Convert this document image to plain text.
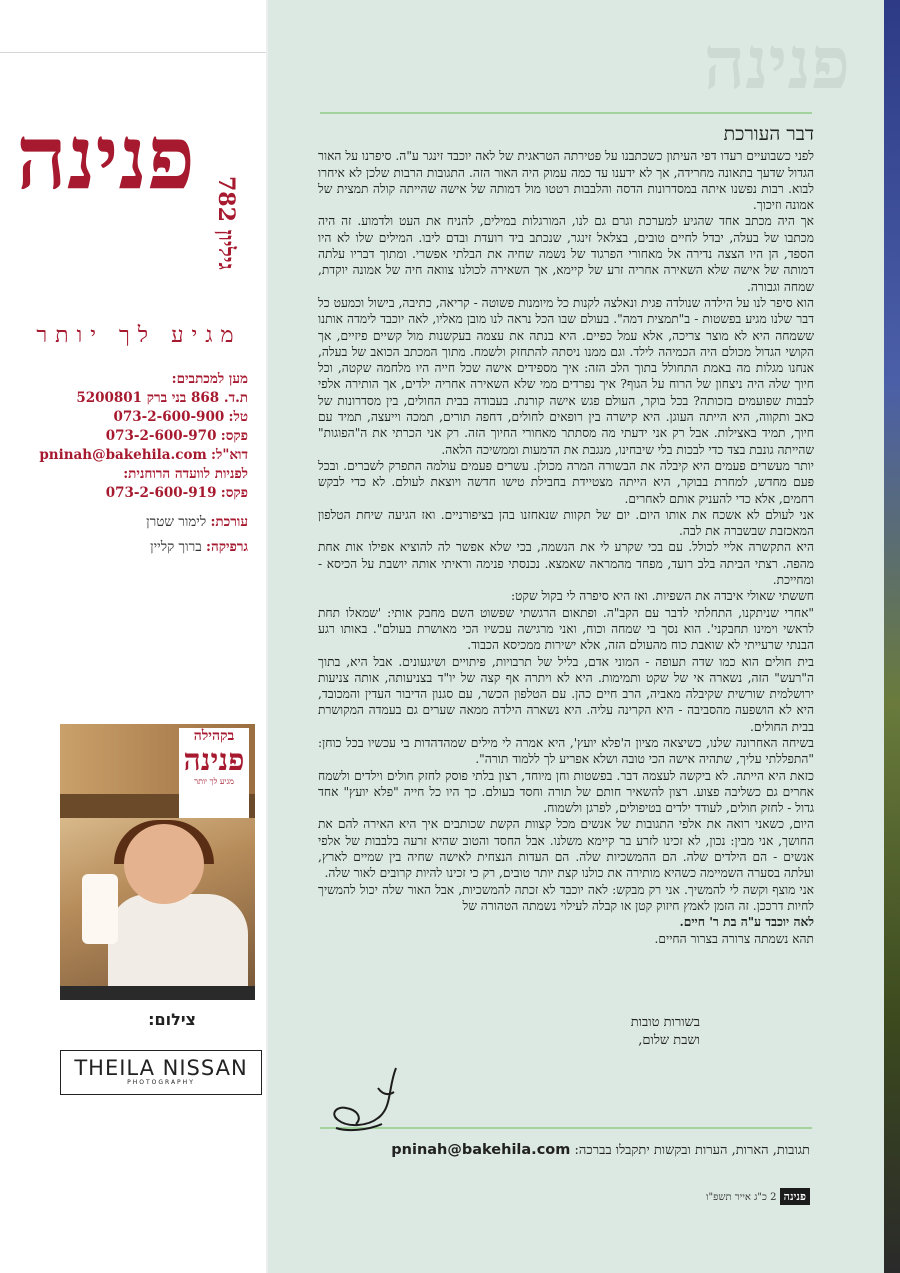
פנינה
פנינה גיליון 782
מגיע לך יותר
מען למכתבים:
ת.ד. 868 בני ברק 5200801
טל: 073-2-600-900
פקס: 073-2-600-970
דוא"ל: pninah@bakehila.com
לפניות לוועדה הרוחנית:
פקס: 073-2-600-919
עורכת: לימור שטרן
גרפיקה: ברוך קליין
בקהילה
פנינה
מגיע לך יותר
צילום:
THEILA NISSAN
PHOTOGRAPHY
דבר העורכת

לפני כשבועיים רעדו דפי העיתון כשכתבנו על פטירתה הטראגית של לאה יוכבד זינגר ע"ה. סיפרנו על האור הגדול שדעך בתאונה מחרידה, אך לא ידענו עד כמה עמוק היה האור הזה. התגובות הרבות שלכן לא איחרו לבוא. רבות נפשנו איתה במסדרונות הדסה והלבבות רטטו מול דמותה של אישה שהייתה קולה תמצית של אמונה וזיכוך.

אך היה מכתב אחד שהגיע למערכת וגרם גם לנו, המורגלות במילים, להניח את העט ולדמוע. זה היה מכתבו של בעלה, יבדל לחיים טובים, בצלאל זינגר, שנכתב ביד רועדת ובדם ליבו. המילים שלו לא היו הספד, הן היו הצצה נדירה אל מאחורי הפרגוד של נשמה שחיה את הבלתי אפשרי. ומתוך דבריו עלתה דמותה של אישה שלא השאירה אחריה זרע של קיימא, אך השאירה לכולנו צוואה חיה של אמונה יוקדת, שמחה וגבורה.

הוא סיפר לנו על הילדה שנולדה פגית ונאלצה לקנות כל מיומנות פשוטה - קריאה, כתיבה, בישול וכמעט כל דבר שלנו מגיע בפשטות - ב"תמצית דמה". בעולם שבו הכל נראה לנו מובן מאליו, לאה יוכבד לימדה אותנו ששמחה היא לא מוצר צריכה, אלא עמל כפיים. היא בנתה את עצמה בעקשנות מול קשיים פיזיים, אך הקושי הגדול מכולם היה הכמיהה לילד. וגם ממנו ניסתה להתחזק ולשמח. מתוך המכתב הכואב של בעלה, אנחנו מגלות מה באמת התחולל בתוך הלב הזה: איך מספידים אישה שכל חייה היו מלחמה שקטה, וכל חיוך שלה היה ניצחון של הרוח על הגוף? איך נפרדים ממי שלא השאירה אחריה ילדים, אך הותירה אלפי לבבות שפועמים בזכותה? בכל בוקר, העולם פגש אישה קורנת. בעבודה בבית החולים, בין מסדרונות של כאב ותקווה, היא הייתה העוגן. היא קישרה בין רופאים לחולים, דחפה תורים, תמכה וייעצה, תמיד עם חיוך, תמיד באצילות. אבל רק אני ידעתי מה מסתתר מאחורי החיוך הזה. רק אני הכרתי את ה"הפוגות" שהייתה גונבת בצד כדי לבכות בלי שיבחינו, מנגבת את הדמעות וממשיכה הלאה.

יותר מעשרים פעמים היא קיבלה את הבשורה המרה מכולן. עשרים פעמים עולמה התפרק לשברים. ובכל פעם מחדש, למחרת בבוקר, היא הייתה מצטיידת בחבילת טישו חדשה ויוצאת לעולם. לא כדי לבקש רחמים, אלא כדי להעניק אותם לאחרים.

אני לעולם לא אשכח את אותו היום. יום של תקוות שנאחזנו בהן בציפורניים. ואז הגיעה שיחת הטלפון המאכזבת שבשברה את לבה.

היא התקשרה אליי לכולל. עם בכי שקרע לי את הנשמה, בכי שלא אפשר לה להוציא אפילו אות אחת מהפה. רצתי הביתה בלב רועד, מפחד מהמראה שאמצא. נכנסתי פנימה וראיתי אותה יושבת על הכיסא - ומחייכת.

חששתי שאולי איבדה את השפיות. ואז היא סיפרה לי בקול שקט:

"אחרי שניתקנו, התחלתי לדבר עם הקב"ה. ופתאום הרגשתי שפשוט השם מחבק אותי: 'שמאלו תחת לראשי וימינו תחבקני'. הוא נסך בי שמחה וכוח, ואני מרגישה עכשיו הכי מאושרת בעולם". באותו רגע הבנתי שרעייתי לא שואבת כוח מהעולם הזה, אלא ישירות ממכיסא הכבוד.

בית חולים הוא כמו שדה תעופה - המוני אדם, בליל של תרבויות, פיתויים ושיגעונים. אבל היא, בתוך ה"רעש" הזה, נשארה אי של שקט ותמימות. היא לא ויתרה אף קצה של יו"ד בצניעותה, אותה צניעות ירושלמית שורשית שקיבלה מאביה, הרב חיים כהן. עם הטלפון הכשר, עם סגנון הדיבור העדין והמכובד, היא לא הושפעה מהסביבה - היא הקרינה עליה. היא נשארה הילדה ממאה שערים גם בעמדה המקושרת בבית החולים.

בשיחה האחרונה שלנו, כשיצאה מציון ה'פלא יועץ', היא אמרה לי מילים שמהדהדות בי עכשיו בכל כוחן: "התפללתי עליך, שתהיה אישה הכי טובה ושלא אפריע לך ללמוד תורה".

כזאת היא הייתה. לא ביקשה לעצמה דבר. בפשטות וחן מיוחד, רצון בלתי פוסק לחזק חולים וילדים ולשמח אחרים גם כשליבה פצוע. רצון להשאיר חותם של תורה וחסד בעולם. כך היו כל חייה "פלא יועץ" אחד גדול - לחזק חולים, לעודד ילדים בטיפולים, לפרגן ולשמוח.

היום, כשאני רואה את אלפי התגובות של אנשים מכל קצוות הקשת שכותבים איך היא האירה להם את החושך, אני מבין: נכון, לא זכינו לזרע בר קיימא משלנו. אבל החסד והטוב שהיא זרעה בלבבות של אלפי אנשים - הם הילדים שלה. הם ההמשכיות שלה. הם העדות הנצחית לאישה שחיה בין שמיים לארץ, ועלתה בסערה השמיימה כשהיא מותירה את כולנו קצת יותר טובים, רק כי זכינו להיות קרובים לאור שלה.

אני מוצף וקשה לי להמשיך. אני רק מבקש: לאה יוכבד לא זכתה להמשכיות, אבל האור שלה יכול להמשיך לחיות דרככן. זה הזמן לאמץ חיזוק קטן או קבלה לעילוי נשמתה הטהורה של

לאה יוכבד ע"ה בת ר' חיים.

תהא נשמתה צרורה בצרור החיים.

בשורות טובות
ושבת שלום,
תגובות, הארות, הערות ובקשות יתקבלו בברכה: pninah@bakehila.com
פנינה 2 כ"ג אייר תשפ"ו
